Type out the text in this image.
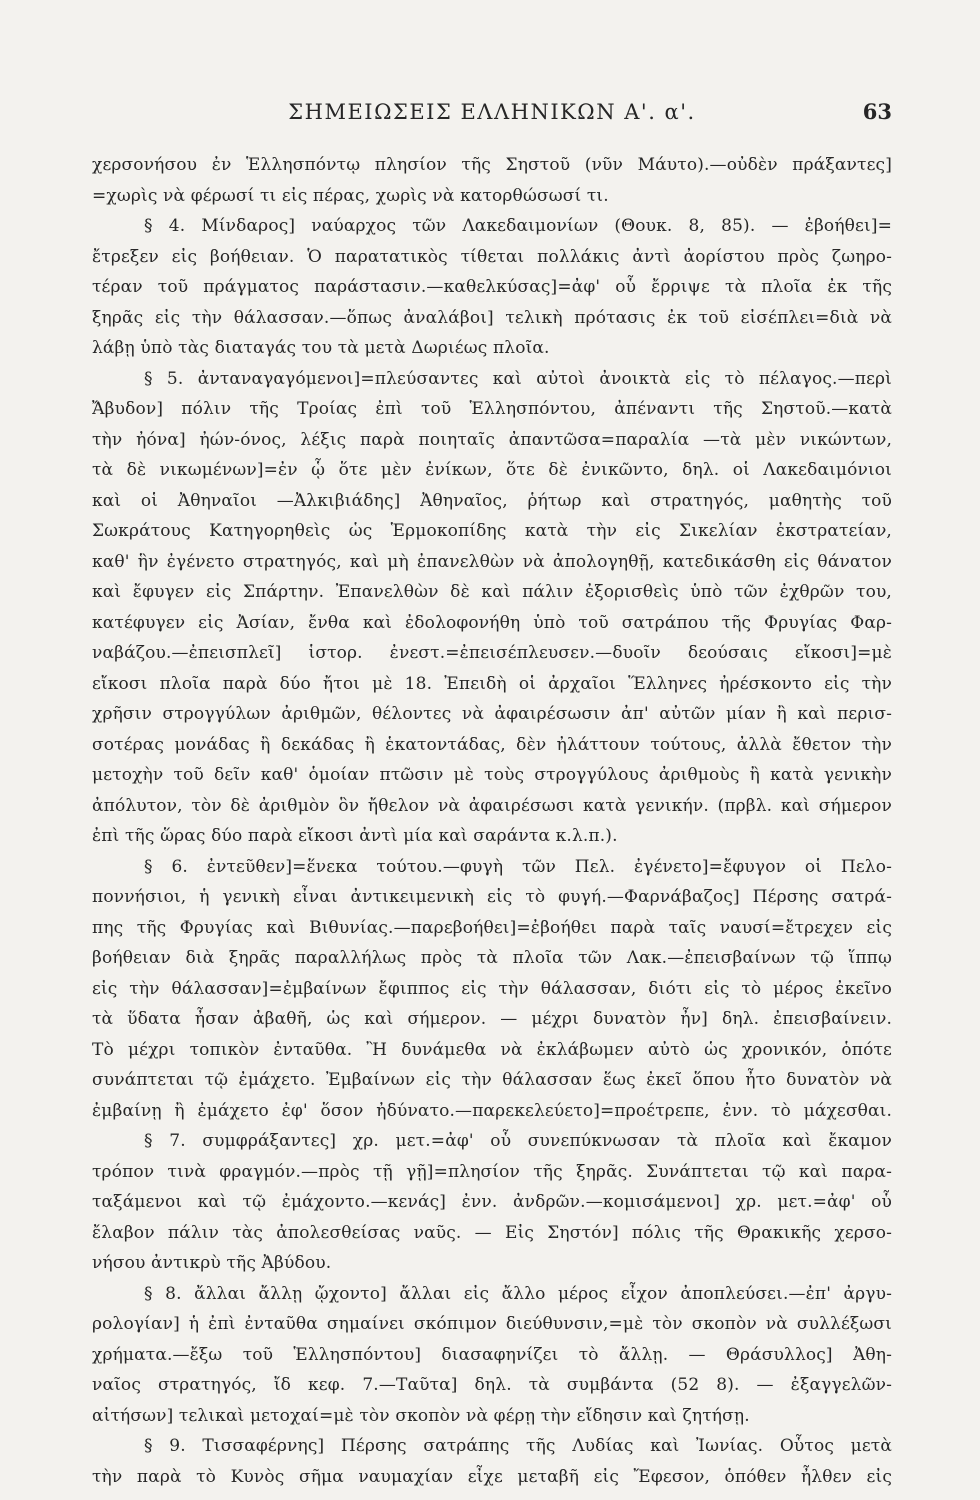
ΣΗΜΕΙΩΣΕΙΣ ΕΛΛΗΝΙΚΩΝ Α'. α'.	63
χερσονήσου ἐν Ἑλλησπόντῳ πλησίον τῆς Σηστοῦ (νῦν Μάυτο).—οὐδὲν πράξαντες]
=χωρὶς νὰ φέρωσί τι εἰς πέρας, χωρὶς νὰ κατορθώσωσί τι.
§ 4. Μίνδαρος] ναύαρχος τῶν Λακεδαιμονίων (Θουκ. 8, 85). — ἐβοήθει]=
ἔτρεξεν εἰς βοήθειαν. Ὁ παρατατικὸς τίθεται πολλάκις ἀντὶ ἀορίστου πρὸς ζωηρο-
τέραν τοῦ πράγματος παράστασιν.—καθελκύσας]=ἀφ' οὗ ἔρριψε τὰ πλοῖα ἐκ τῆς
ξηρᾶς εἰς τὴν θάλασσαν.—ὅπως ἀναλάβοι] τελικὴ πρότασις ἐκ τοῦ εἰσέπλει=διὰ νὰ
λάβῃ ὑπὸ τὰς διαταγάς του τὰ μετὰ Δωριέως πλοῖα.
§ 5. ἀνταναγαγόμενοι]=πλεύσαντες καὶ αὐτοὶ ἀνοικτὰ εἰς τὸ πέλαγος.—περὶ
Ἄβυδον] πόλιν τῆς Τροίας ἐπὶ τοῦ Ἑλλησπόντου, ἀπέναντι τῆς Σηστοῦ.—κατὰ
τὴν ἠόνα] ἠών-όνος, λέξις παρὰ ποιηταῖς ἀπαντῶσα=παραλία —τὰ μὲν νικώντων,
τὰ δὲ νικωμένων]=ἐν ᾧ ὅτε μὲν ἐνίκων, ὅτε δὲ ἐνικῶντο, δηλ. οἱ Λακεδαιμόνιοι
καὶ οἱ Ἀθηναῖοι —Ἀλκιβιάδης] Ἀθηναῖος, ῥήτωρ καὶ στρατηγός, μαθητὴς τοῦ
Σωκράτους Κατηγορηθεὶς ὡς Ἑρμοκοπίδης κατὰ τὴν εἰς Σικελίαν ἐκστρατείαν,
καθ' ἣν ἐγένετο στρατηγός, καὶ μὴ ἐπανελθὼν νὰ ἀπολογηθῇ, κατεδικάσθη εἰς θάνατον
καὶ ἔφυγεν εἰς Σπάρτην. Ἐπανελθὼν δὲ καὶ πάλιν ἐξορισθεὶς ὑπὸ τῶν ἐχθρῶν του,
κατέφυγεν εἰς Ἀσίαν, ἔνθα καὶ ἐδολοφονήθη ὑπὸ τοῦ σατράπου τῆς Φρυγίας Φαρ-
ναβάζου.—ἐπεισπλεῖ] ἱστορ. ἐνεστ.=ἐπεισέπλευσεν.—δυοῖν δεούσαις εἴκοσι]=μὲ
εἴκοσι πλοῖα παρὰ δύο ἤτοι μὲ 18. Ἐπειδὴ οἱ ἀρχαῖοι Ἕλληνες ἠρέσκοντο εἰς τὴν
χρῆσιν στρογγύλων ἀριθμῶν, θέλοντες νὰ ἀφαιρέσωσιν ἀπ' αὐτῶν μίαν ἢ καὶ περισ-
σοτέρας μονάδας ἢ δεκάδας ἢ ἑκατοντάδας, δὲν ἠλάττουν τούτους, ἀλλὰ ἔθετον τὴν
μετοχὴν τοῦ δεῖν καθ' ὁμοίαν πτῶσιν μὲ τοὺς στρογγύλους ἀριθμοὺς ἢ κατὰ γενικὴν
ἀπόλυτον, τὸν δὲ ἀριθμὸν ὃν ἤθελον νὰ ἀφαιρέσωσι κατὰ γενικήν. (πρβλ. καὶ σήμερον
ἐπὶ τῆς ὥρας δύο παρὰ εἴκοσι ἀντὶ μία καὶ σαράντα κ.λ.π.).
§ 6. ἐντεῦθεν]=ἕνεκα τούτου.—φυγὴ τῶν Πελ. ἐγένετο]=ἔφυγον οἱ Πελο-
ποννήσιοι, ἡ γενικὴ εἶναι ἀντικειμενικὴ εἰς τὸ φυγή.—Φαρνάβαζος] Πέρσης σατρά-
πης τῆς Φρυγίας καὶ Βιθυνίας.—παρεβοήθει]=ἐβοήθει παρὰ ταῖς ναυσί=ἔτρεχεν εἰς
βοήθειαν διὰ ξηρᾶς παραλλήλως πρὸς τὰ πλοῖα τῶν Λακ.—ἐπεισβαίνων τῷ ἵππῳ
εἰς τὴν θάλασσαν]=ἐμβαίνων ἔφιππος εἰς τὴν θάλασσαν, διότι εἰς τὸ μέρος ἐκεῖνο
τὰ ὕδατα ἦσαν ἀβαθῆ, ὡς καὶ σήμερον. — μέχρι δυνατὸν ἦν] δηλ. ἐπεισβαίνειν.
Τὸ μέχρι τοπικὸν ἐνταῦθα. Ἢ δυνάμεθα νὰ ἐκλάβωμεν αὐτὸ ὡς χρονικόν, ὁπότε
συνάπτεται τῷ ἐμάχετο. Ἐμβαίνων εἰς τὴν θάλασσαν ἕως ἐκεῖ ὅπου ἦτο δυνατὸν νὰ
ἐμβαίνῃ ἢ ἐμάχετο ἐφ' ὅσον ἠδύνατο.—παρεκελεύετο]=προέτρεπε, ἐνν. τὸ μάχεσθαι.
§ 7. συμφράξαντες] χρ. μετ.=ἀφ' οὗ συνεπύκνωσαν τὰ πλοῖα καὶ ἔκαμον
τρόπον τινὰ φραγμόν.—πρὸς τῇ γῇ]=πλησίον τῆς ξηρᾶς. Συνάπτεται τῷ καὶ παρα-
ταξάμενοι καὶ τῷ ἐμάχοντο.—κενάς] ἐνν. ἀνδρῶν.—κομισάμενοι] χρ. μετ.=ἀφ' οὗ
ἔλαβον πάλιν τὰς ἀπολεσθείσας ναῦς. — Εἰς Σηστόν] πόλις τῆς Θρακικῆς χερσο-
νήσου ἀντικρὺ τῆς Ἀβύδου.
§ 8. ἄλλαι ἄλλῃ ᾤχοντο] ἄλλαι εἰς ἄλλο μέρος εἶχον ἀποπλεύσει.—ἐπ' ἀργυ-
ρολογίαν] ἡ ἐπὶ ἐνταῦθα σημαίνει σκόπιμον διεύθυνσιν,=μὲ τὸν σκοπὸν νὰ συλλέξωσι
χρήματα.—ἔξω τοῦ Ἑλλησπόντου] διασαφηνίζει τὸ ἄλλῃ. — Θράσυλλος] Ἀθη-
ναῖος στρατηγός, ἴδ κεφ. 7.—Ταῦτα] δηλ. τὰ συμβάντα (52 8). — ἐξαγγελῶν-
αἰτήσων] τελικαὶ μετοχαί=μὲ τὸν σκοπὸν νὰ φέρῃ τὴν εἴδησιν καὶ ζητήσῃ.
§ 9. Τισσαφέρνης] Πέρσης σατράπης τῆς Λυδίας καὶ Ἰωνίας. Οὗτος μετὰ
τὴν παρὰ τὸ Κυνὸς σῆμα ναυμαχίαν εἶχε μεταβῆ εἰς Ἔφεσον, ὁπόθεν ἦλθεν εἰς
